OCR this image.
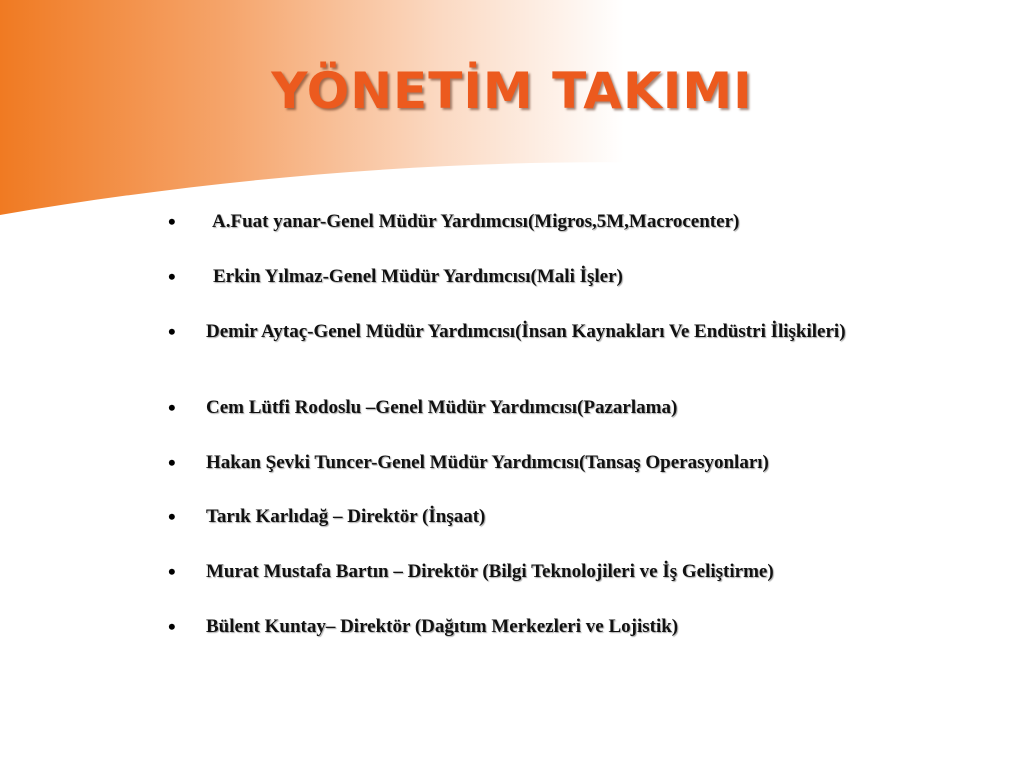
YÖNETİM TAKIMI
•	A.Fuat yanar-Genel Müdür Yardımcısı(Migros,5M,Macrocenter)
•	Erkin Yılmaz-Genel Müdür Yardımcısı(Mali İşler)
•	Demir Aytaç-Genel Müdür Yardımcısı(İnsan Kaynakları Ve Endüstri İlişkileri)
•	Cem Lütfi Rodoslu –Genel Müdür Yardımcısı(Pazarlama)
•	Hakan Şevki Tuncer-Genel Müdür Yardımcısı(Tansaş Operasyonları)
•	Tarık Karlıdağ – Direktör (İnşaat)
•	Murat Mustafa Bartın – Direktör (Bilgi Teknolojileri ve İş Geliştirme)
•	Bülent Kuntay– Direktör (Dağıtım Merkezleri ve Lojistik)
